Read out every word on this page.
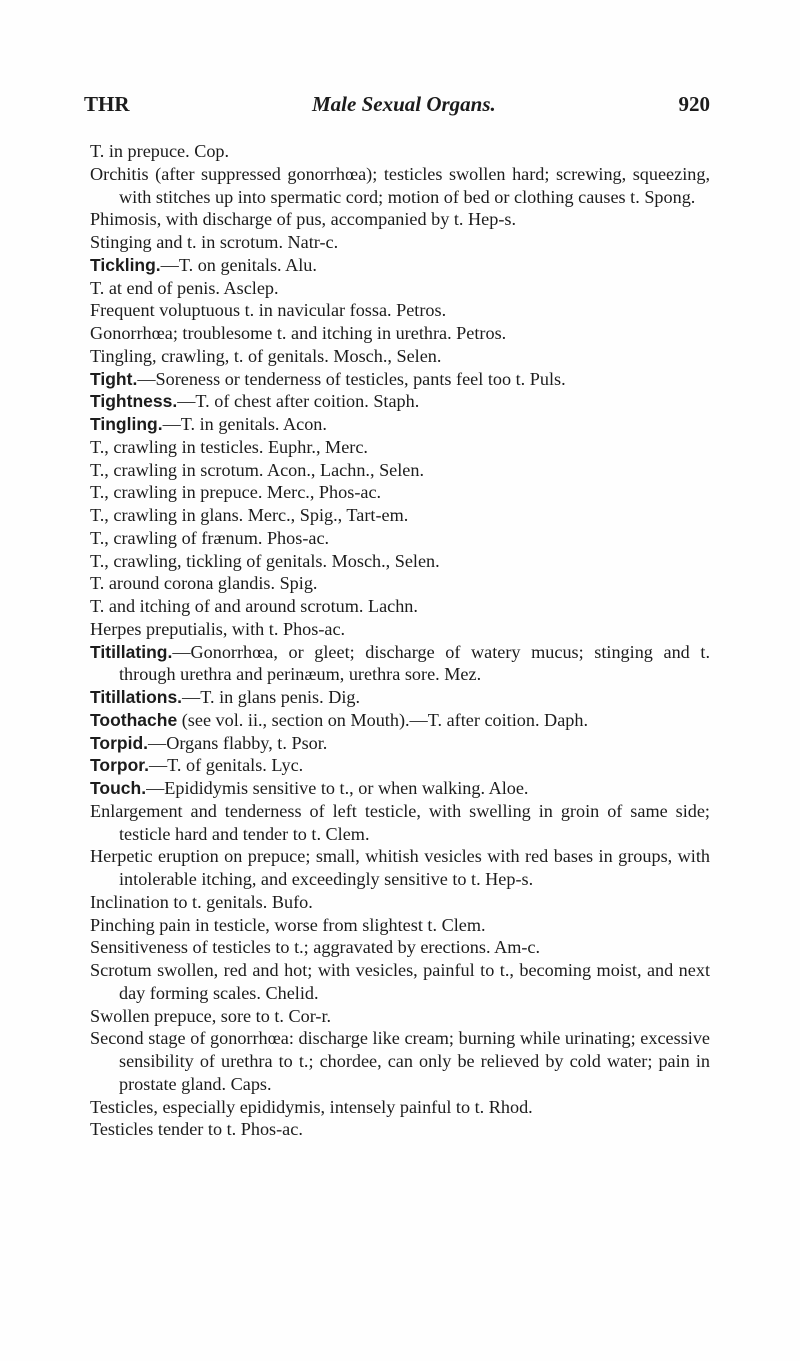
THR	Male Sexual Organs.	920

T. in prepuce. Cop.

Orchitis (after suppressed gonorrhœa); testicles swollen hard; screwing, squeezing, with stitches up into spermatic cord; motion of bed or clothing causes t. Spong.

Phimosis, with discharge of pus, accompanied by t. Hep-s.

Stinging and t. in scrotum. Natr-c.

Tickling.—T. on genitals. Alu.

T. at end of penis. Asclep.

Frequent voluptuous t. in navicular fossa. Petros.

Gonorrhœa; troublesome t. and itching in urethra. Petros.

Tingling, crawling, t. of genitals. Mosch., Selen.

Tight.—Soreness or tenderness of testicles, pants feel too t. Puls.

Tightness.—T. of chest after coition. Staph.

Tingling.—T. in genitals. Acon.

T., crawling in testicles. Euphr., Merc.

T., crawling in scrotum. Acon., Lachn., Selen.

T., crawling in prepuce. Merc., Phos-ac.

T., crawling in glans. Merc., Spig., Tart-em.

T., crawling of frænum. Phos-ac.

T., crawling, tickling of genitals. Mosch., Selen.

T. around corona glandis. Spig.

T. and itching of and around scrotum. Lachn.

Herpes preputialis, with t. Phos-ac.

Titillating.—Gonorrhœa, or gleet; discharge of watery mucus; stinging and t. through urethra and perinæum, urethra sore. Mez.

Titillations.—T. in glans penis. Dig.

Toothache (see vol. ii., section on Mouth).—T. after coition. Daph.

Torpid.—Organs flabby, t. Psor.

Torpor.—T. of genitals. Lyc.

Touch.—Epididymis sensitive to t., or when walking. Aloe.

Enlargement and tenderness of left testicle, with swelling in groin of same side; testicle hard and tender to t. Clem.

Herpetic eruption on prepuce; small, whitish vesicles with red bases in groups, with intolerable itching, and exceedingly sensitive to t. Hep-s.

Inclination to t. genitals. Bufo.

Pinching pain in testicle, worse from slightest t. Clem.

Sensitiveness of testicles to t.; aggravated by erections. Am-c.

Scrotum swollen, red and hot; with vesicles, painful to t., becoming moist, and next day forming scales. Chelid.

Swollen prepuce, sore to t. Cor-r.

Second stage of gonorrhœa: discharge like cream; burning while urinating; excessive sensibility of urethra to t.; chordee, can only be relieved by cold water; pain in prostate gland. Caps.

Testicles, especially epididymis, intensely painful to t. Rhod.

Testicles tender to t. Phos-ac.
